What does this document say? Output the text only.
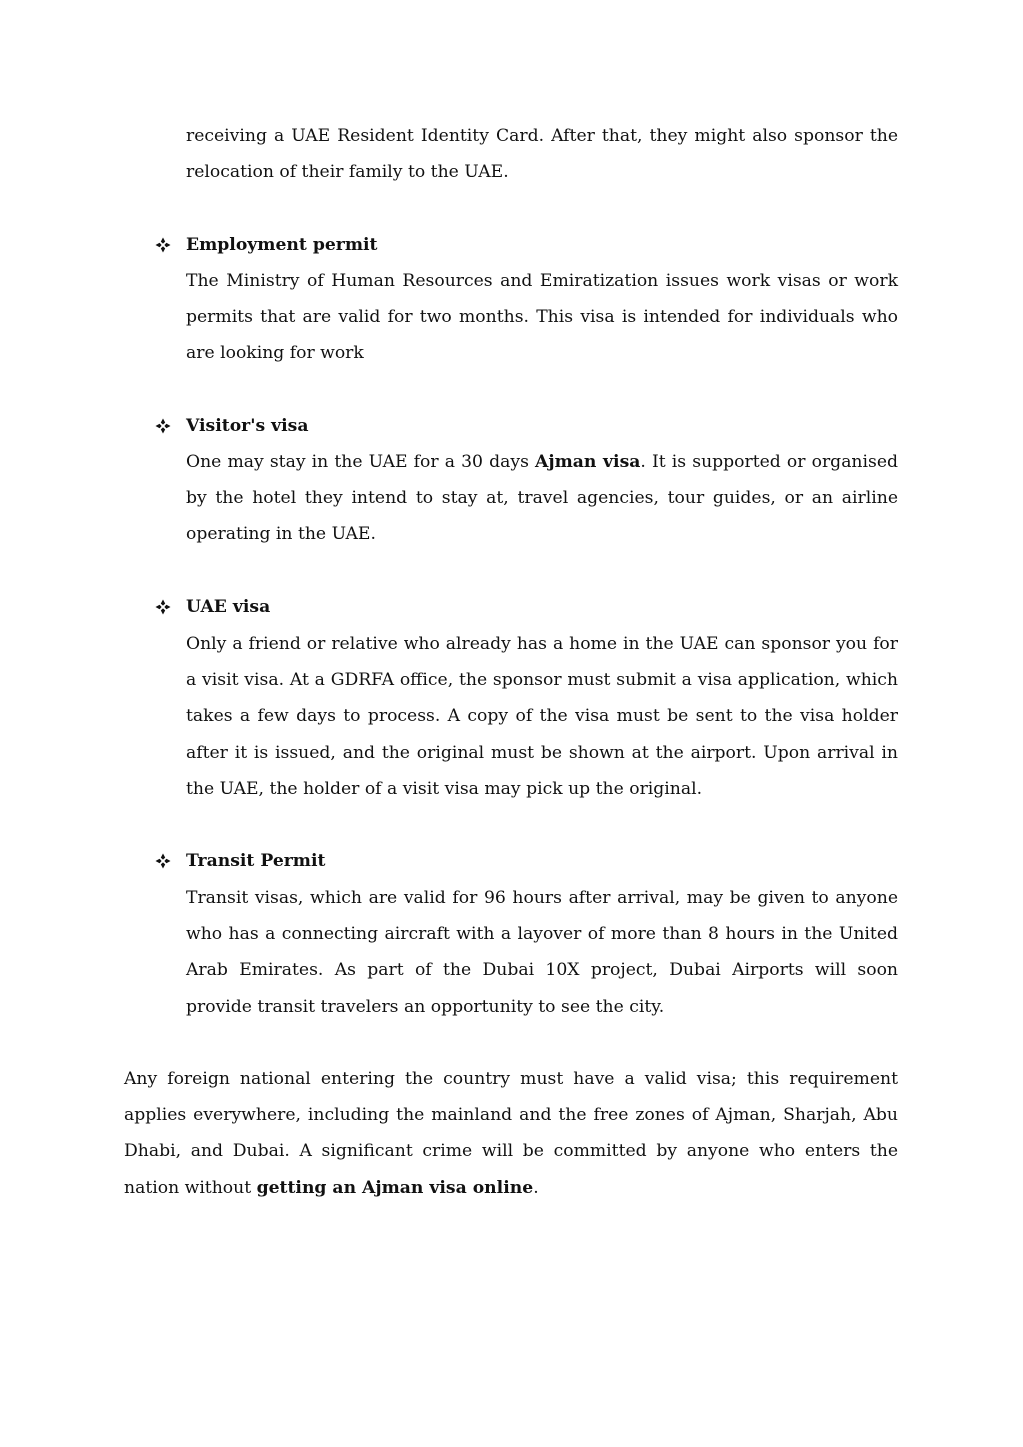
receiving a UAE Resident Identity Card. After that, they might also sponsor the relocation of their family to the UAE.

Employment permit

The Ministry of Human Resources and Emiratization issues work visas or work permits that are valid for two months. This visa is intended for individuals who are looking for work

Visitor's visa

One may stay in the UAE for a 30 days Ajman visa. It is supported or organised by the hotel they intend to stay at, travel agencies, tour guides, or an airline operating in the UAE.

UAE visa

Only a friend or relative who already has a home in the UAE can sponsor you for a visit visa. At a GDRFA office, the sponsor must submit a visa application, which takes a few days to process. A copy of the visa must be sent to the visa holder after it is issued, and the original must be shown at the airport. Upon arrival in the UAE, the holder of a visit visa may pick up the original.

Transit Permit

Transit visas, which are valid for 96 hours after arrival, may be given to anyone who has a connecting aircraft with a layover of more than 8 hours in the United Arab Emirates. As part of the Dubai 10X project, Dubai Airports will soon provide transit travelers an opportunity to see the city.

Any foreign national entering the country must have a valid visa; this requirement applies everywhere, including the mainland and the free zones of Ajman, Sharjah, Abu Dhabi, and Dubai. A significant crime will be committed by anyone who enters the nation without getting an Ajman visa online.
